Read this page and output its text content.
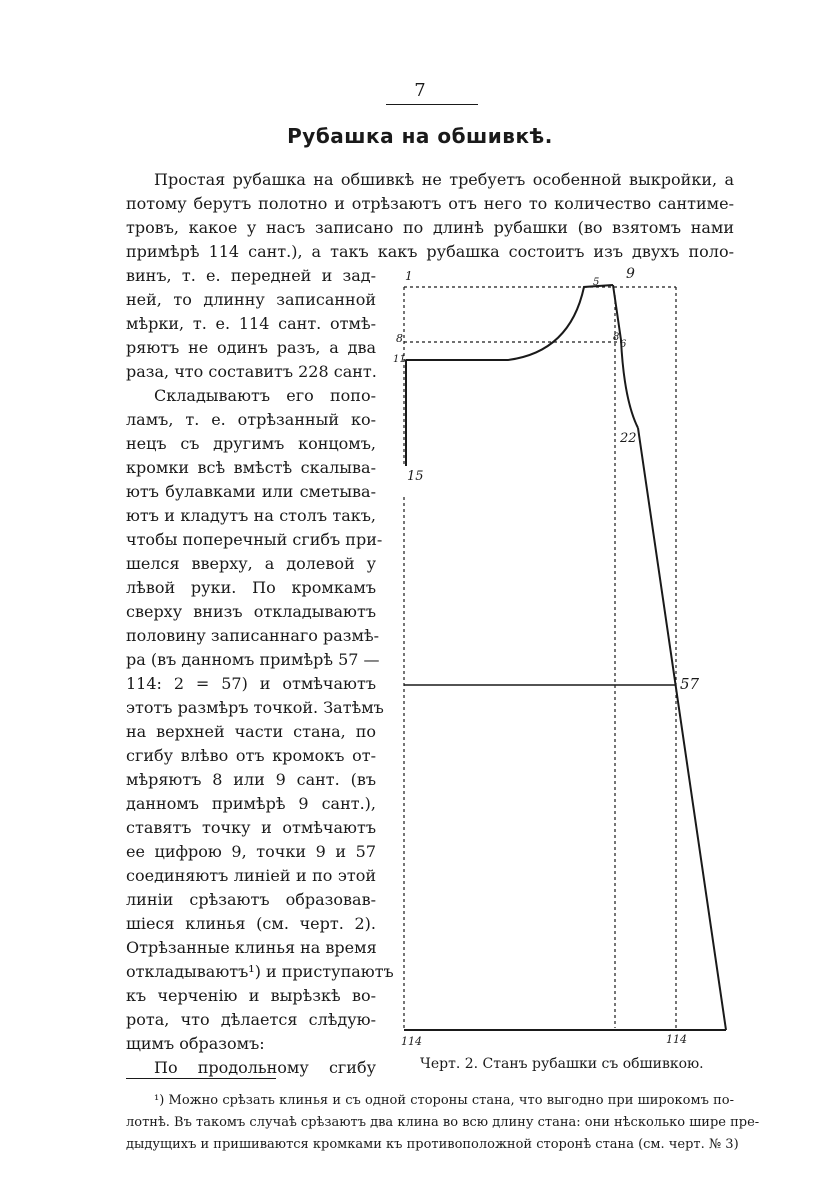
7
Рубашка на обшивкѣ.
Простая рубашка на обшивкѣ не требуетъ особенной выкройки, а
потому берутъ полотно и отрѣзаютъ отъ него то количество сантиме-
тровъ, какое у насъ записано по длинѣ рубашки (во взятомъ нами
примѣрѣ 114 сант.), а такъ какъ рубашка состоитъ изъ двухъ поло-
винъ, т. е. передней и зад-
ней, то длинну записанной
мѣрки, т. е. 114 сант. отмѣ-
ряютъ не одинъ разъ, а два
раза, что составитъ 228 сант.
Складываютъ его попо-
ламъ, т. е. отрѣзанный ко-
нецъ съ другимъ концомъ,
кромки всѣ вмѣстѣ скалыва-
ютъ булавками или сметыва-
ютъ и кладутъ на столъ такъ,
чтобы поперечный сгибъ при-
шелся вверху, а долевой у
лѣвой руки. По кромкамъ
сверху внизъ откладываютъ
половину записаннаго размѣ-
ра (въ данномъ примѣрѣ 57 —
114: 2 = 57) и отмѣчаютъ
этотъ размѣръ точкой. Затѣмъ
на верхней части стана, по
сгибу влѣво отъ кромокъ от-
мѣряютъ 8 или 9 сант. (въ
данномъ примѣрѣ 9 сант.),
ставятъ точку и отмѣчаютъ
ее цифрою 9, точки 9 и 57
соединяютъ линіей и по этой
линіи срѣзаютъ образовав-
шіеся клинья (см. черт. 2).
Отрѣзанные клинья на время
откладываютъ¹) и приступаютъ
къ черченію и вырѣзкѣ во-
рота, что дѣлается слѣдую-
щимъ образомъ:
По продольному сгибу
1	5
9
8	8
6
11
15
22
57
114	114
Черт. 2. Станъ рубашки съ обшивкою.
¹) Можно срѣзать клинья и съ одной стороны стана, что выгодно при широкомъ по-
лотнѣ. Въ такомъ случаѣ срѣзаютъ два клина во всю длину стана: они нѣсколько шире пре-
дыдущихъ и пришиваются кромками къ противоположной сторонѣ стана (см. черт. № 3)
